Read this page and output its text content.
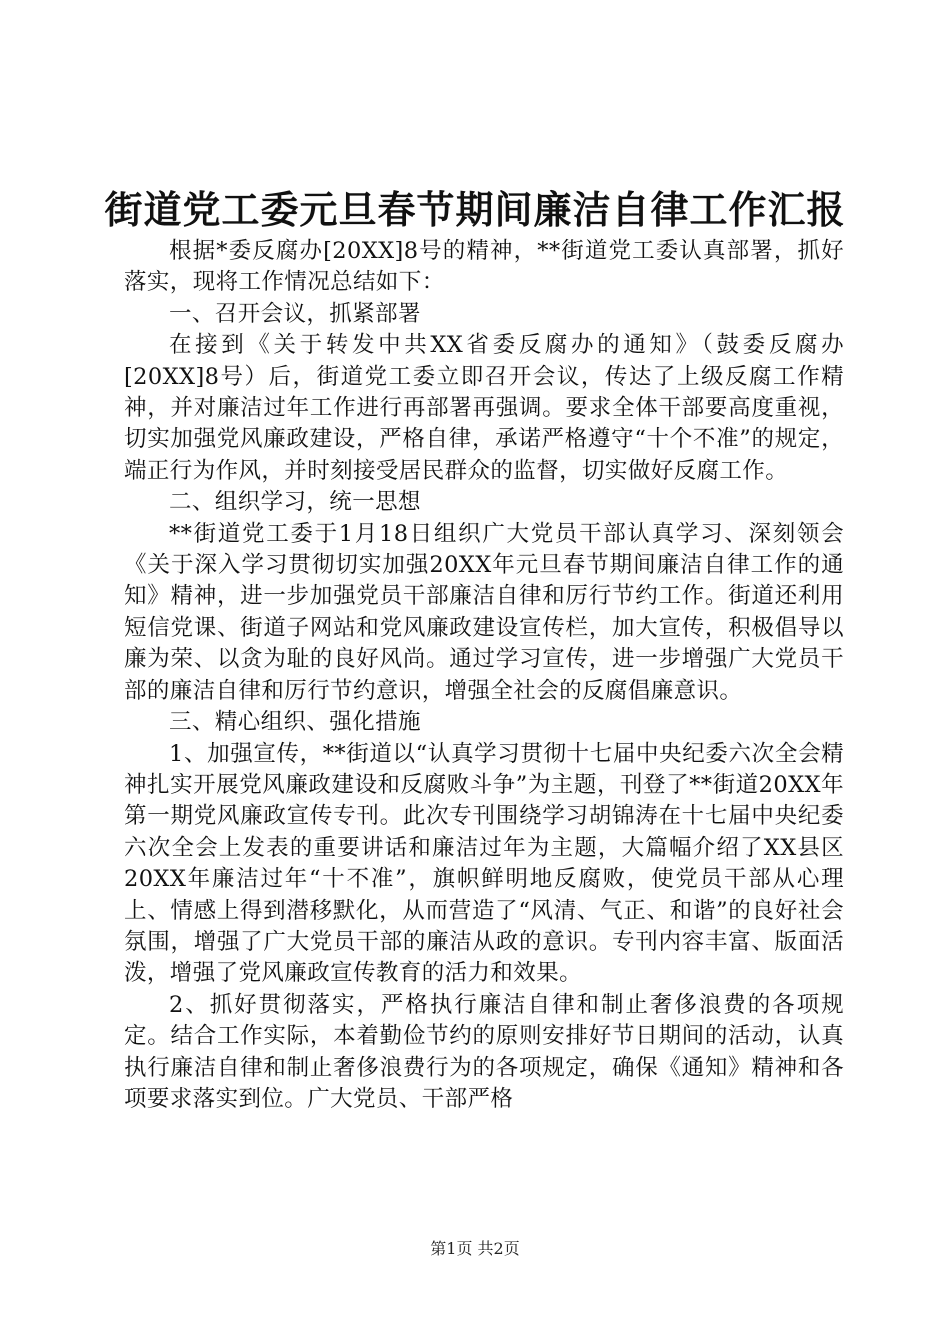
街道党工委元旦春节期间廉洁自律工作汇报

根据*委反腐办[20XX]8号的精神，**街道党工委认真部署，抓好落实，现将工作情况总结如下：

一、召开会议，抓紧部署

在接到《关于转发中共XX省委反腐办的通知》（鼓委反腐办[20XX]8号）后，街道党工委立即召开会议，传达了上级反腐工作精神，并对廉洁过年工作进行再部署再强调。要求全体干部要高度重视，切实加强党风廉政建设，严格自律，承诺严格遵守“十个不准”的规定，端正行为作风，并时刻接受居民群众的监督，切实做好反腐工作。

二、组织学习，统一思想

**街道党工委于1月18日组织广大党员干部认真学习、深刻领会《关于深入学习贯彻切实加强20XX年元旦春节期间廉洁自律工作的通知》精神，进一步加强党员干部廉洁自律和厉行节约工作。街道还利用短信党课、街道子网站和党风廉政建设宣传栏，加大宣传，积极倡导以廉为荣、以贪为耻的良好风尚。通过学习宣传，进一步增强广大党员干部的廉洁自律和厉行节约意识，增强全社会的反腐倡廉意识。

三、精心组织、强化措施

1、加强宣传，**街道以“认真学习贯彻十七届中央纪委六次全会精神扎实开展党风廉政建设和反腐败斗争”为主题，刊登了**街道20XX年第一期党风廉政宣传专刊。此次专刊围绕学习胡锦涛在十七届中央纪委六次全会上发表的重要讲话和廉洁过年为主题，大篇幅介绍了XX县区20XX年廉洁过年“十不准”，旗帜鲜明地反腐败，使党员干部从心理上、情感上得到潜移默化，从而营造了“风清、气正、和谐”的良好社会氛围，增强了广大党员干部的廉洁从政的意识。专刊内容丰富、版面活泼，增强了党风廉政宣传教育的活力和效果。

2、抓好贯彻落实，严格执行廉洁自律和制止奢侈浪费的各项规定。结合工作实际，本着勤俭节约的原则安排好节日期间的活动，认真执行廉洁自律和制止奢侈浪费行为的各项规定，确保《通知》精神和各项要求落实到位。广大党员、干部严格

第1页 共2页
